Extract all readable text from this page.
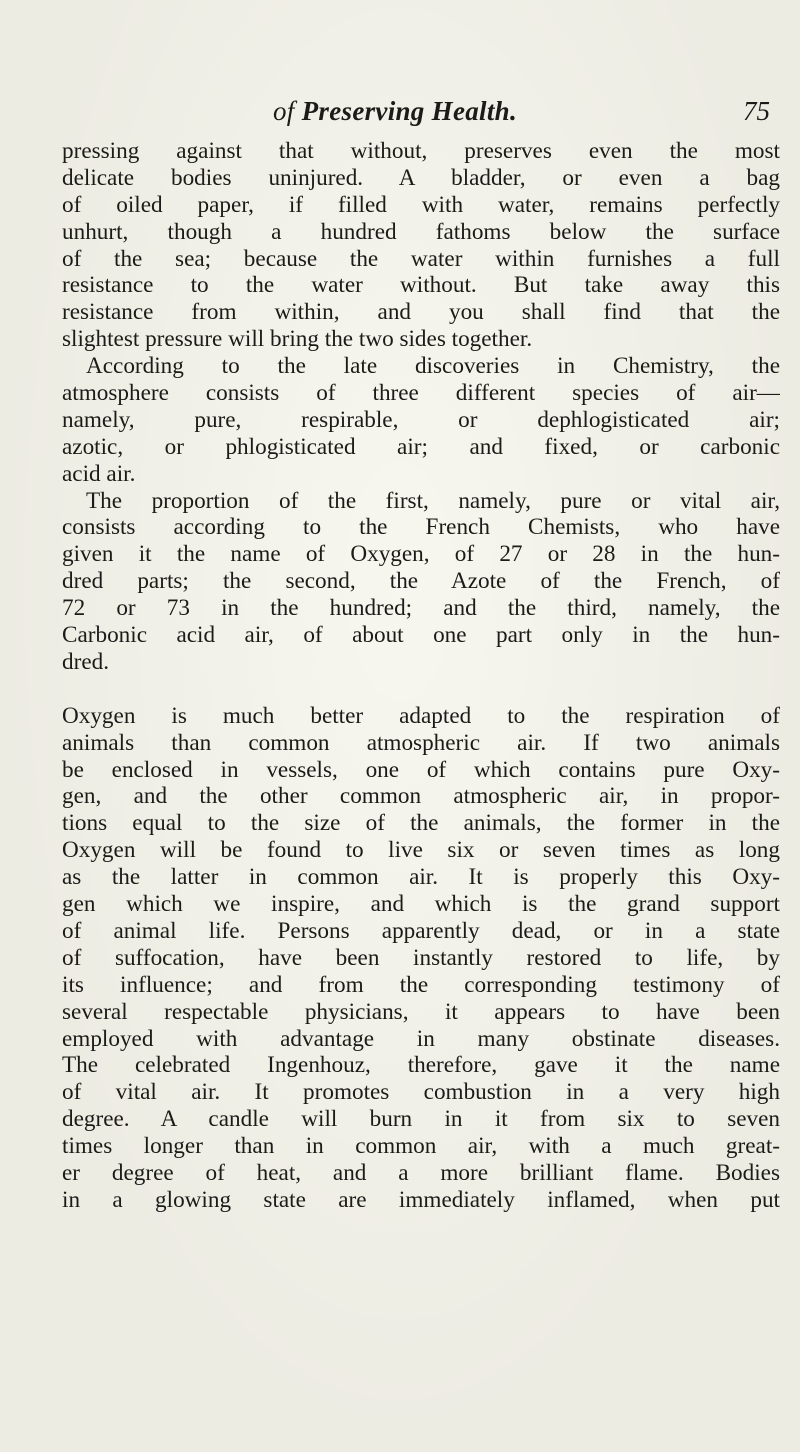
of Preserving Health.	75
pressing against that without, preserves even the most
delicate bodies uninjured. A bladder, or even a bag
of oiled paper, if filled with water, remains perfectly
unhurt, though a hundred fathoms below the surface
of the sea; because the water within furnishes a full
resistance to the water without. But take away this
resistance from within, and you shall find that the
slightest pressure will bring the two sides together.
According to the late discoveries in Chemistry, the
atmosphere consists of three different species of air—
namely, pure, respirable, or dephlogisticated air;
azotic, or phlogisticated air; and fixed, or carbonic
acid air.
The proportion of the first, namely, pure or vital air,
consists according to the French Chemists, who have
given it the name of Oxygen, of 27 or 28 in the hun-
dred parts; the second, the Azote of the French, of
72 or 73 in the hundred; and the third, namely, the
Carbonic acid air, of about one part only in the hun-
dred.
Oxygen is much better adapted to the respiration of
animals than common atmospheric air. If two animals
be enclosed in vessels, one of which contains pure Oxy-
gen, and the other common atmospheric air, in propor-
tions equal to the size of the animals, the former in the
Oxygen will be found to live six or seven times as long
as the latter in common air. It is properly this Oxy-
gen which we inspire, and which is the grand support
of animal life. Persons apparently dead, or in a state
of suffocation, have been instantly restored to life, by
its influence; and from the corresponding testimony of
several respectable physicians, it appears to have been
employed with advantage in many obstinate diseases.
The celebrated Ingenhouz, therefore, gave it the name
of vital air. It promotes combustion in a very high
degree. A candle will burn in it from six to seven
times longer than in common air, with a much great-
er degree of heat, and a more brilliant flame. Bodies
in a glowing state are immediately inflamed, when put
